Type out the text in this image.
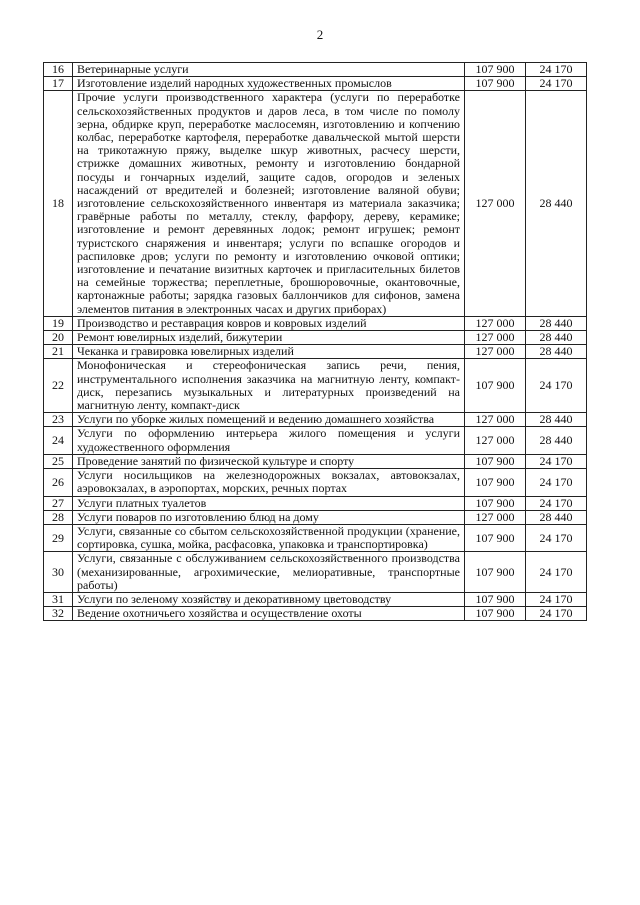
2
16	Ветеринарные услуги	107 900	24 170
17	Изготовление изделий народных художественных промыслов	107 900	24 170
18	Прочие услуги производственного характера (услуги по переработке сельскохозяйственных продуктов и даров леса, в том числе по помолу зерна, обдирке круп, переработке маслосемян, изготовлению и копчению колбас, переработке картофеля, переработке давальческой мытой шерсти на трикотажную пряжу, выделке шкур животных, расчесу шерсти, стрижке домашних животных, ремонту и изготовлению бондарной посуды и гончарных изделий, защите садов, огородов и зеленых насаждений от вредителей и болезней; изготовление валяной обуви; изготовление сельскохозяйственного инвентаря из материала заказчика; гравёрные работы по металлу, стеклу, фарфору, дереву, керамике; изготовление и ремонт деревянных лодок; ремонт игрушек; ремонт туристского снаряжения и инвентаря; услуги по вспашке огородов и распиловке дров; услуги по ремонту и изготовлению очковой оптики; изготовление и печатание визитных карточек и пригласительных билетов на семейные торжества; переплетные, брошюровочные, окантовочные, картонажные работы; зарядка газовых баллончиков для сифонов, замена элементов питания в электронных часах и других приборах)	127 000	28 440
19	Производство и реставрация ковров и ковровых изделий	127 000	28 440
20	Ремонт ювелирных изделий, бижутерии	127 000	28 440
21	Чеканка и гравировка ювелирных изделий	127 000	28 440
22	Монофоническая и стереофоническая запись речи, пения, инструментального исполнения заказчика на магнитную ленту, компакт-диск, перезапись музыкальных и литературных произведений на магнитную ленту, компакт-диск	107 900	24 170
23	Услуги по уборке жилых помещений и ведению домашнего хозяйства	127 000	28 440
24	Услуги по оформлению интерьера жилого помещения и услуги художественного оформления	127 000	28 440
25	Проведение занятий по физической культуре и спорту	107 900	24 170
26	Услуги носильщиков на железнодорожных вокзалах, автовокзалах, аэровокзалах, в аэропортах, морских, речных портах	107 900	24 170
27	Услуги платных туалетов	107 900	24 170
28	Услуги поваров по изготовлению блюд на дому	127 000	28 440
29	Услуги, связанные со сбытом сельскохозяйственной продукции (хранение, сортировка, сушка, мойка, расфасовка, упаковка и транспортировка)	107 900	24 170
30	Услуги, связанные с обслуживанием сельскохозяйственного производства (механизированные, агрохимические, мелиоративные, транспортные работы)	107 900	24 170
31	Услуги по зеленому хозяйству и декоративному цветоводству	107 900	24 170
32	Ведение охотничьего хозяйства и осуществление охоты	107 900	24 170
